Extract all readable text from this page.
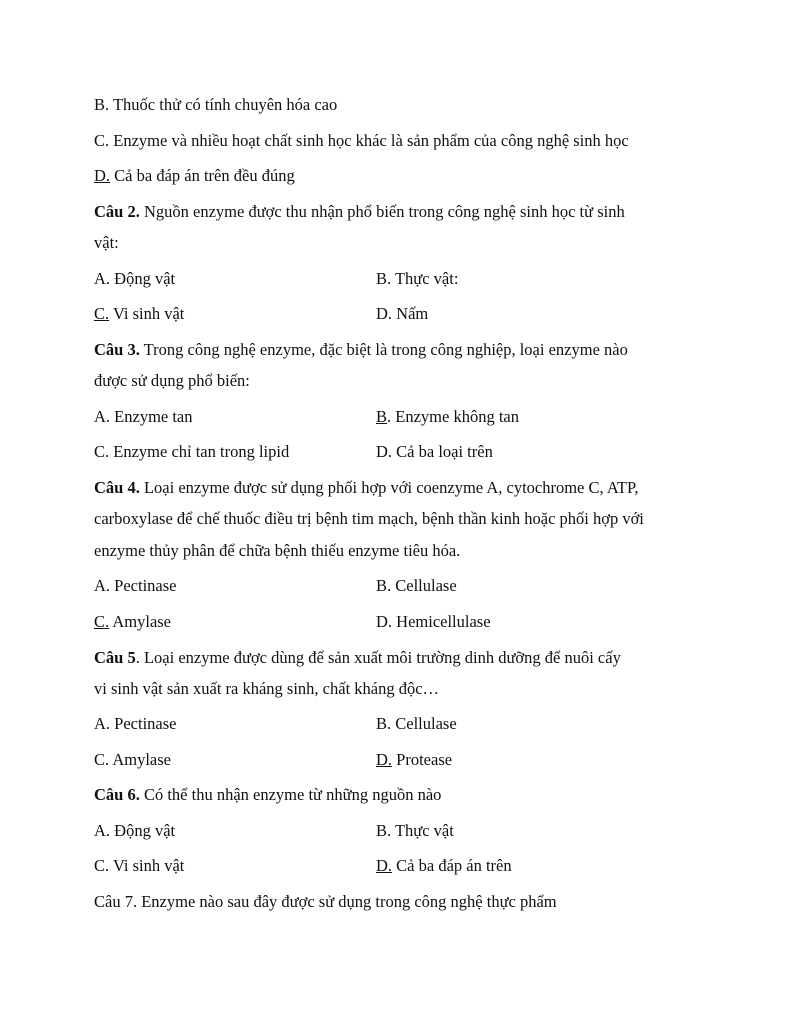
B. Thuốc thử có tính chuyên hóa cao
C. Enzyme và nhiều hoạt chất sinh học khác là sản phẩm của công nghệ sinh học
D. Cả ba đáp án trên đều đúng
Câu 2. Nguồn enzyme được thu nhận phổ biến trong công nghệ sinh học từ sinh
vật:
A. Động vật	B. Thực vật:
C. Vi sinh vật	D. Nấm
Câu 3. Trong công nghệ enzyme, đặc biệt là trong công nghiệp, loại enzyme nào
được sử dụng phổ biến:
A. Enzyme tan	B. Enzyme không tan
C. Enzyme chỉ tan trong lipid	D. Cả ba loại trên
Câu 4. Loại enzyme được sử dụng phối hợp với coenzyme A, cytochrome C, ATP,
carboxylase để chế thuốc điều trị bệnh tim mạch, bệnh thần kinh hoặc phối hợp với
enzyme thủy phân để chữa bệnh thiếu enzyme tiêu hóa.
A. Pectinase	B. Cellulase
C. Amylase	D. Hemicellulase
Câu 5. Loại enzyme được dùng để sản xuất môi trường dinh dưỡng để nuôi cấy
vi sinh vật sản xuất ra kháng sinh, chất kháng độc…
A. Pectinase	B. Cellulase
C. Amylase	D. Protease
Câu 6. Có thể thu nhận enzyme từ những nguồn nào
A. Động vật	B. Thực vật
C. Vi sinh vật	D. Cả ba đáp án trên
Câu 7. Enzyme nào sau đây được sử dụng trong công nghệ thực phẩm
